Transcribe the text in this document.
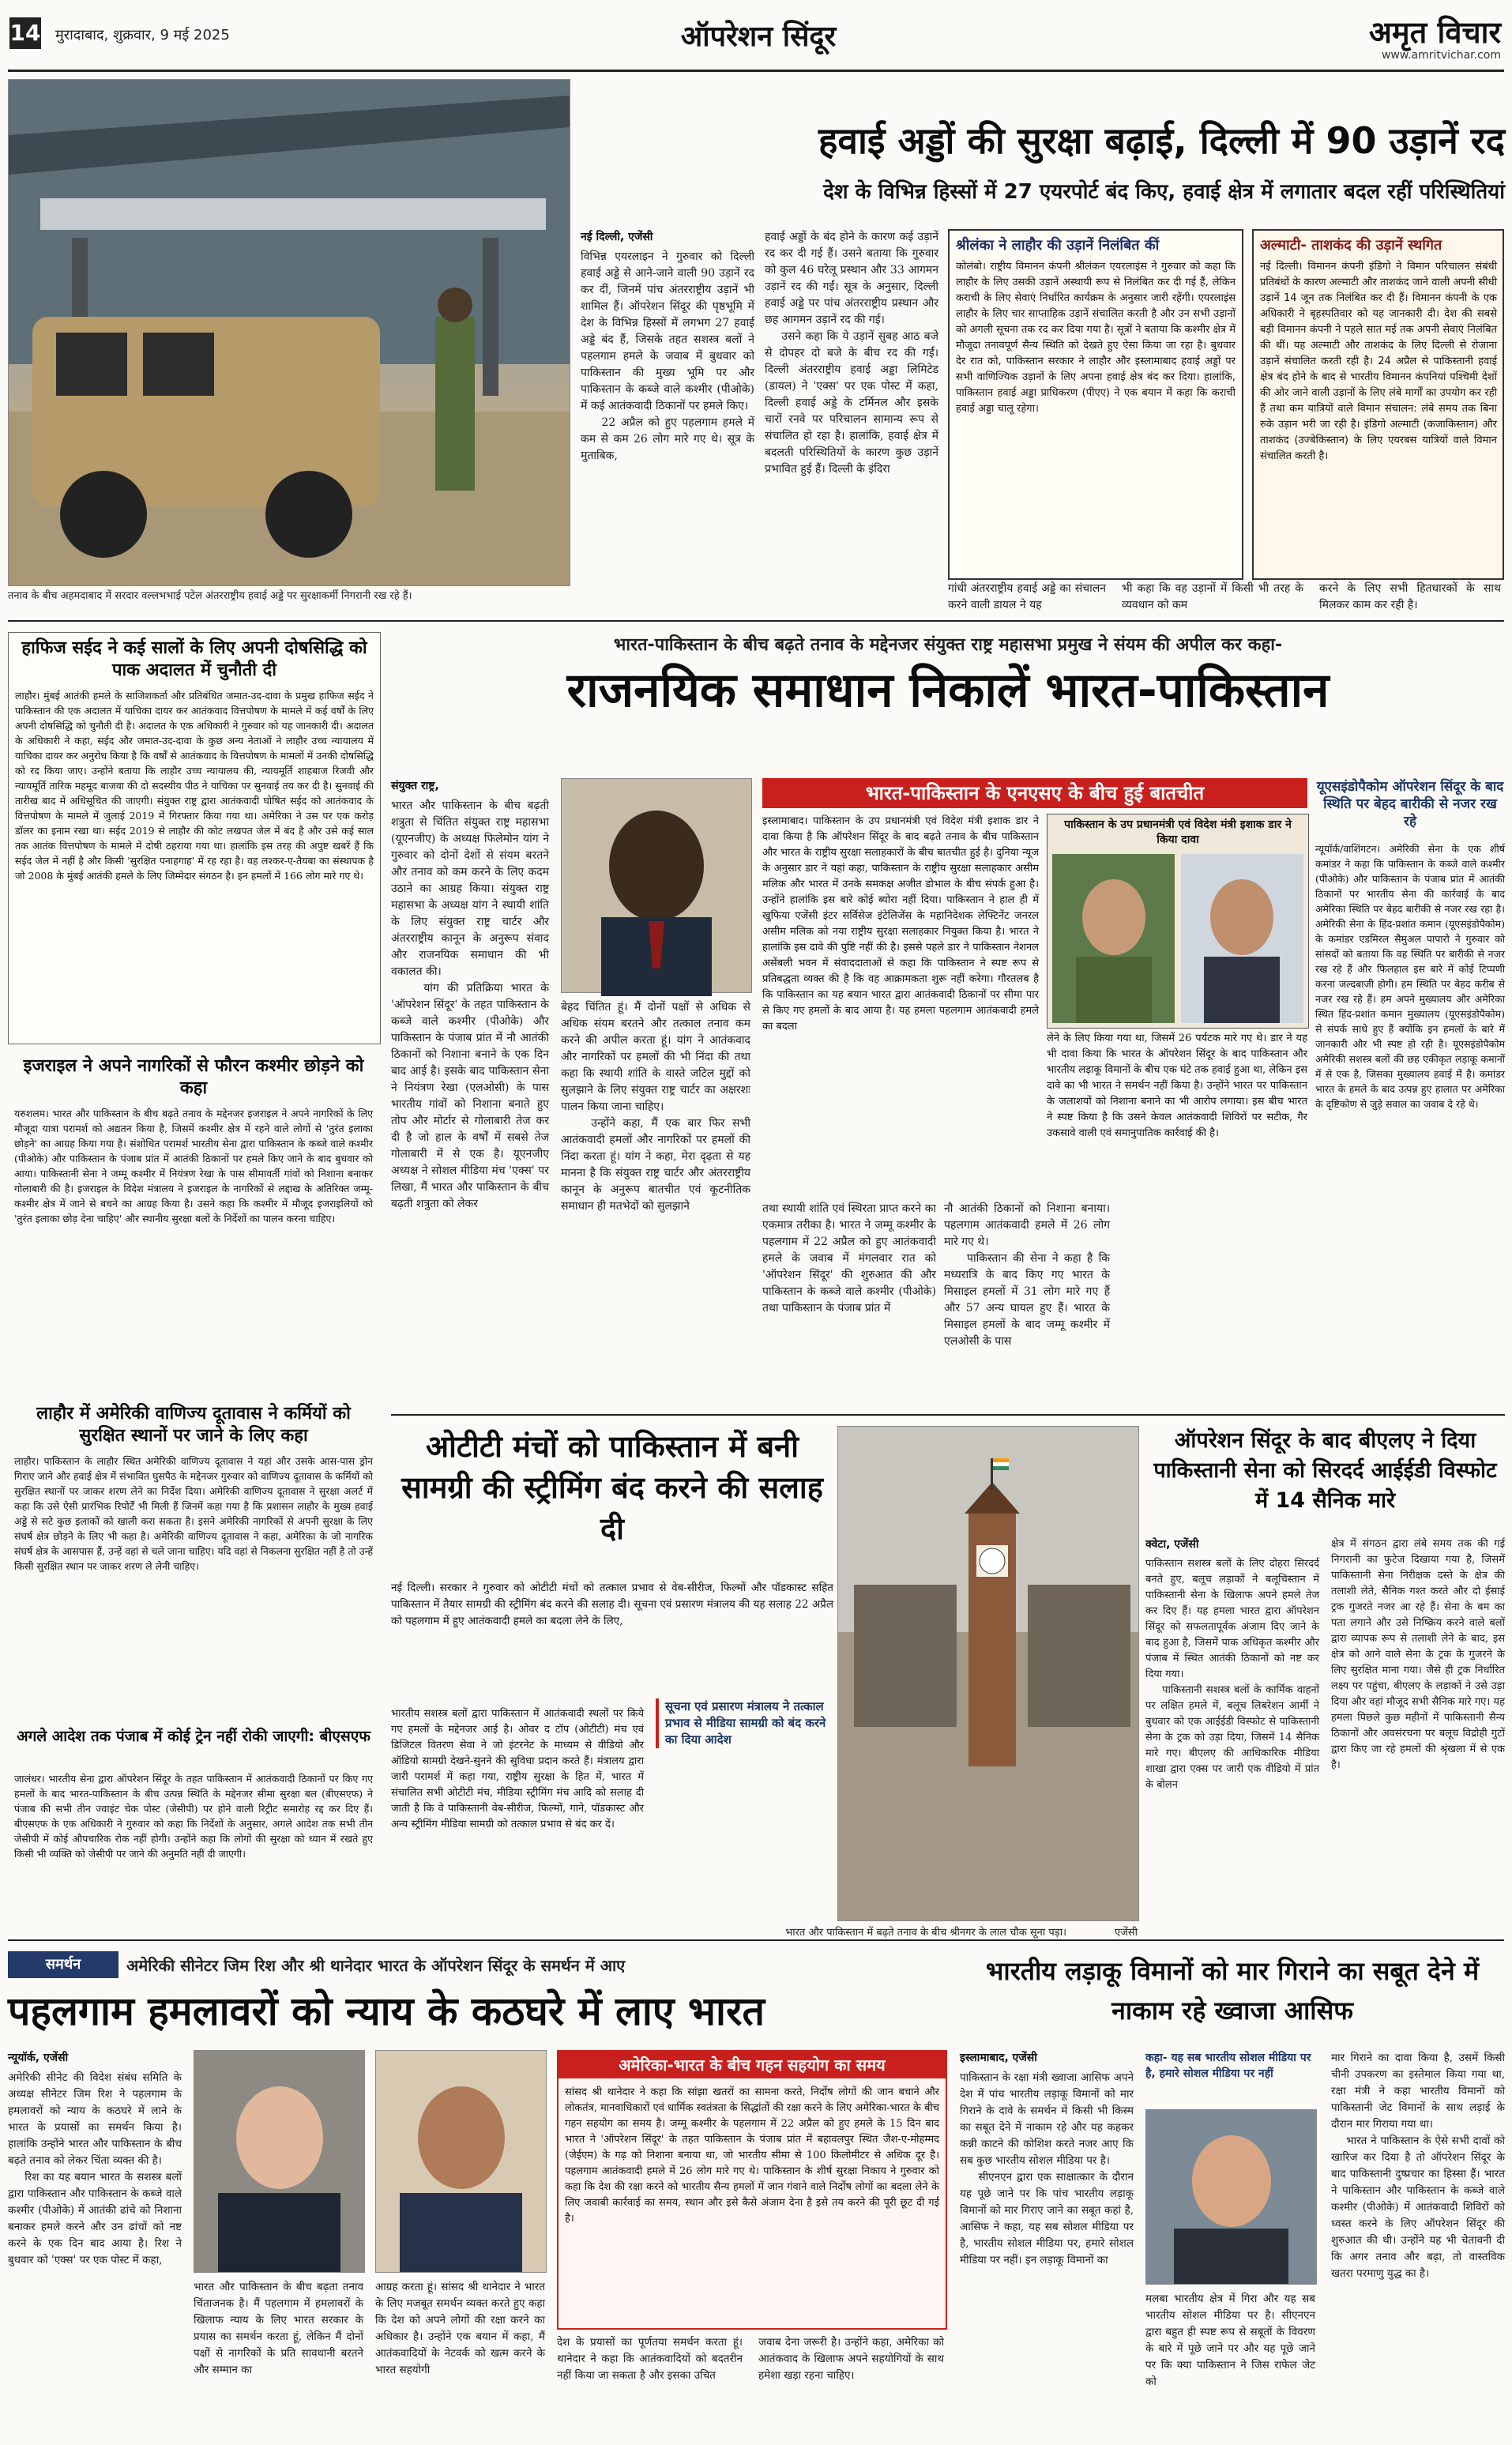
14 मुरादाबाद, शुक्रवार, 9 मई 2025	ऑपरेशन सिंदूर	अमृत विचार
www.amritvichar.com
तनाव के बीच अहमदाबाद में सरदार वल्लभभाई पटेल अंतरराष्ट्रीय हवाई अड्डे पर सुरक्षाकर्मी निगरानी रख रहे हैं।
हवाई अड्डों की सुरक्षा बढ़ाई, दिल्ली में 90 उड़ानें रद
देश के विभिन्न हिस्सों में 27 एयरपोर्ट बंद किए, हवाई क्षेत्र में लगातार बदल रहीं परिस्थितियां
नई दिल्ली, एजेंसी
विभिन्न एयरलाइन ने गुरुवार को दिल्ली हवाई अड्डे से आने-जाने वाली 90 उड़ानें रद कर दीं, जिनमें पांच अंतरराष्ट्रीय उड़ानें भी शामिल हैं। ऑपरेशन सिंदूर की पृष्ठभूमि में देश के विभिन्न हिस्सों में लगभग 27 हवाई अड्डे बंद हैं, जिसके तहत सशस्त्र बलों ने पहलगाम हमले के जवाब में बुधवार को पाकिस्तान की मुख्य भूमि पर और पाकिस्तान के कब्जे वाले कश्मीर (पीओके) में कई आतंकवादी ठिकानों पर हमले किए।
22 अप्रैल को हुए पहलगाम हमले में कम से कम 26 लोग मारे गए थे। सूत्र के मुताबिक,
हवाई अड्डों के बंद होने के कारण कई उड़ानें रद कर दी गई हैं। उसने बताया कि गुरुवार को कुल 46 घरेलू प्रस्थान और 33 आगमन उड़ानें रद की गईं। सूत्र के अनुसार, दिल्ली हवाई अड्डे पर पांच अंतरराष्ट्रीय प्रस्थान और छह आगमन उड़ानें रद की गई।
उसने कहा कि ये उड़ानें सुबह आठ बजे से दोपहर दो बजे के बीच रद की गईं। दिल्ली अंतरराष्ट्रीय हवाई अड्डा लिमिटेड (डायल) ने 'एक्स' पर एक पोस्ट में कहा, दिल्ली हवाई अड्डे के टर्मिनल और इसके चारों रनवे पर परिचालन सामान्य रूप से संचालित हो रहा है। हालांकि, हवाई क्षेत्र में बदलती परिस्थितियों के कारण कुछ उड़ानें प्रभावित हुई हैं। दिल्ली के इंदिरा
श्रीलंका ने लाहौर की उड़ानें निलंबित कीं
कोलंबो। राष्ट्रीय विमानन कंपनी श्रीलंकन एयरलाइंस ने गुरुवार को कहा कि लाहौर के लिए उसकी उड़ानें अस्थायी रूप से निलंबित कर दी गई हैं, लेकिन कराची के लिए सेवाएं निर्धारित कार्यक्रम के अनुसार जारी रहेंगी। एयरलाइंस लाहौर के लिए चार साप्ताहिक उड़ानें संचालित करती है और उन सभी उड़ानों को अगली सूचना तक रद कर दिया गया है। सूत्रों ने बताया कि कश्मीर क्षेत्र में मौजूदा तनावपूर्ण सैन्य स्थिति को देखते हुए ऐसा किया जा रहा है। बुधवार देर रात को, पाकिस्तान सरकार ने लाहौर और इस्लामाबाद हवाई अड्डों पर सभी वाणिज्यिक उड़ानों के लिए अपना हवाई क्षेत्र बंद कर दिया। हालांकि, पाकिस्तान हवाई अड्डा प्राधिकरण (पीएए) ने एक बयान में कहा कि कराची हवाई अड्डा चालू रहेगा।
अल्माटी- ताशकंद की उड़ानें स्थगित
नई दिल्ली। विमानन कंपनी इंडिगो ने विमान परिचालन संबंधी प्रतिबंधों के कारण अल्माटी और ताशकंद जाने वाली अपनी सीधी उड़ानें 14 जून तक निलंबित कर दी हैं। विमानन कंपनी के एक अधिकारी ने बृहस्पतिवार को यह जानकारी दी। देश की सबसे बड़ी विमानन कंपनी ने पहले सात मई तक अपनी सेवाएं निलंबित की थीं। यह अल्माटी और ताशकंद के लिए दिल्ली से रोजाना उड़ानें संचालित करती रही है। 24 अप्रैल से पाकिस्तानी हवाई क्षेत्र बंद होने के बाद से भारतीय विमानन कंपनियां पश्चिमी देशों की ओर जाने वाली उड़ानों के लिए लंबे मार्गों का उपयोग कर रही हैं तथा कम यात्रियों वाले विमान संचालन: लंबे समय तक बिना रुके उड़ान भरी जा रही है। इंडिगो अल्माटी (कजाकिस्तान) और ताशकंद (उज्बेकिस्तान) के लिए एयरबस यात्रियों वाले विमान संचालित करती है।
गांधी अंतरराष्ट्रीय हवाई अड्डे का संचालन करने वाली डायल ने यह
भी कहा कि वह उड़ानों में किसी भी तरह के व्यवधान को कम
करने के लिए सभी हितधारकों के साथ मिलकर काम कर रही है।
हाफिज सईद ने कई सालों के लिए अपनी दोषसिद्धि को पाक अदालत में चुनौती दी
लाहौर। मुंबई आतंकी हमले के साजिशकर्ता और प्रतिबंधित जमात-उद-दावा के प्रमुख हाफिज सईद ने पाकिस्तान की एक अदालत में याचिका दायर कर आतंकवाद वित्तपोषण के मामले में कई वर्षों के लिए अपनी दोषसिद्धि को चुनौती दी है। अदालत के एक अधिकारी ने गुरुवार को यह जानकारी दी। अदालत के अधिकारी ने कहा, सईद और जमात-उद-दावा के कुछ अन्य नेताओं ने लाहौर उच्च न्यायालय में याचिका दायर कर अनुरोध किया है कि वर्षों से आतंकवाद के वित्तपोषण के मामलों में उनकी दोषसिद्धि को रद किया जाए। उन्होंने बताया कि लाहौर उच्च न्यायालय की, न्यायमूर्ति शाहबाज रिजवी और न्यायमूर्ति तारिक महमूद बाजवा की दो सदस्यीय पीठ ने याचिका पर सुनवाई तय कर दी है। सुनवाई की तारीख बाद में अधिसूचित की जाएगी। संयुक्त राष्ट्र द्वारा आतंकवादी घोषित सईद को आतंकवाद के वित्तपोषण के मामले में जुलाई 2019 में गिरफ्तार किया गया था। अमेरिका ने उस पर एक करोड़ डॉलर का इनाम रखा था। सईद 2019 से लाहौर की कोट लखपत जेल में बंद है और उसे कई साल तक आतंक वित्तपोषण के मामले में दोषी ठहराया गया था। हालांकि इस तरह की अपुष्ट खबरें हैं कि सईद जेल में नहीं है और किसी 'सुरक्षित पनाहगाह' में रह रहा है। वह लश्कर-ए-तैयबा का संस्थापक है जो 2008 के मुंबई आतंकी हमले के लिए जिम्मेदार संगठन है। इन हमलों में 166 लोग मारे गए थे।
इजराइल ने अपने नागरिकों से फौरन कश्मीर छोड़ने को कहा
यरुशलम। भारत और पाकिस्तान के बीच बढ़ते तनाव के मद्देनजर इजराइल ने अपने नागरिकों के लिए मौजूदा यात्रा परामर्श को अद्यतन किया है, जिसमें कश्मीर क्षेत्र में रहने वाले लोगों से 'तुरंत इलाका छोड़ने' का आग्रह किया गया है। संशोधित परामर्श भारतीय सेना द्वारा पाकिस्तान के कब्जे वाले कश्मीर (पीओके) और पाकिस्तान के पंजाब प्रांत में आतंकी ठिकानों पर हमले किए जाने के बाद बुधवार को आया। पाकिस्तानी सेना ने जम्मू कश्मीर में नियंत्रण रेखा के पास सीमावर्ती गांवों को निशाना बनाकर गोलाबारी की है। इजराइल के विदेश मंत्रालय ने इजराइल के नागरिकों से लद्दाख के अतिरिक्त जम्मू-कश्मीर क्षेत्र में जाने से बचने का आग्रह किया है। उसने कहा कि कश्मीर में मौजूद इजराइलियों को 'तुरंत इलाका छोड़ देना चाहिए' और स्थानीय सुरक्षा बलों के निर्देशों का पालन करना चाहिए।
लाहौर में अमेरिकी वाणिज्य दूतावास ने कर्मियों को सुरक्षित स्थानों पर जाने के लिए कहा
लाहौर। पाकिस्तान के लाहौर स्थित अमेरिकी वाणिज्य दूतावास ने यहां और उसके आस-पास ड्रोन गिराए जाने और हवाई क्षेत्र में संभावित घुसपैठ के मद्देनजर गुरुवार को वाणिज्य दूतावास के कर्मियों को सुरक्षित स्थानों पर जाकर शरण लेने का निर्देश दिया। अमेरिकी वाणिज्य दूतावास ने सुरक्षा अलर्ट में कहा कि उसे ऐसी प्रारंभिक रिपोर्टें भी मिली हैं जिनमें कहा गया है कि प्रशासन लाहौर के मुख्य हवाई अड्डे से सटे कुछ इलाकों को खाली करा सकता है। इसने अमेरिकी नागरिकों से अपनी सुरक्षा के लिए संघर्ष क्षेत्र छोड़ने के लिए भी कहा है। अमेरिकी वाणिज्य दूतावास ने कहा, अमेरिका के जो नागरिक संघर्ष क्षेत्र के आसपास हैं, उन्हें वहां से चले जाना चाहिए। यदि वहां से निकलना सुरक्षित नहीं है तो उन्हें किसी सुरक्षित स्थान पर जाकर शरण ले लेनी चाहिए।
अगले आदेश तक पंजाब में कोई ट्रेन नहीं रोकी जाएगी: बीएसएफ
जालंधर। भारतीय सेना द्वारा ऑपरेशन सिंदूर के तहत पाकिस्तान में आतंकवादी ठिकानों पर किए गए हमलों के बाद भारत-पाकिस्तान के बीच उत्पन्न स्थिति के मद्देनजर सीमा सुरक्षा बल (बीएसएफ) ने पंजाब की सभी तीन ज्वाइंट चेक पोस्ट (जेसीपी) पर होने वाली रिट्रीट समारोह रद्द कर दिए हैं। बीएसएफ के एक अधिकारी ने गुरुवार को कहा कि निर्देशों के अनुसार, अगले आदेश तक सभी तीन जेसीपी में कोई औपचारिक रोक नहीं होगी। उन्होंने कहा कि लोगों की सुरक्षा को ध्यान में रखते हुए किसी भी व्यक्ति को जेसीपी पर जाने की अनुमति नहीं दी जाएगी।
भारत-पाकिस्तान के बीच बढ़ते तनाव के मद्देनजर संयुक्त राष्ट्र महासभा प्रमुख ने संयम की अपील कर कहा-
राजनयिक समाधान निकालें भारत-पाकिस्तान
संयुक्त राष्ट्र,
भारत और पाकिस्तान के बीच बढ़ती शत्रुता से चिंतित संयुक्त राष्ट्र महासभा (यूएनजीए) के अध्यक्ष फिलेमोन यांग ने गुरुवार को दोनों देशों से संयम बरतने और तनाव को कम करने के लिए कदम उठाने का आग्रह किया। संयुक्त राष्ट्र महासभा के अध्यक्ष यांग ने स्थायी शांति के लिए संयुक्त राष्ट्र चार्टर और अंतरराष्ट्रीय कानून के अनुरूप संवाद और राजनयिक समाधान की भी वकालत की।
यांग की प्रतिक्रिया भारत के 'ऑपरेशन सिंदूर' के तहत पाकिस्तान के कब्जे वाले कश्मीर (पीओके) और पाकिस्तान के पंजाब प्रांत में नौ आतंकी ठिकानों को निशाना बनाने के एक दिन बाद आई है। इसके बाद पाकिस्तान सेना ने नियंत्रण रेखा (एलओसी) के पास भारतीय गांवों को निशाना बनाते हुए तोप और मोर्टार से गोलाबारी तेज कर दी है जो हाल के वर्षों में सबसे तेज गोलाबारी में से एक है। यूएनजीए अध्यक्ष ने सोशल मीडिया मंच 'एक्स' पर लिखा, मैं भारत और पाकिस्तान के बीच बढ़ती शत्रुता को लेकर
बेहद चिंतित हूं। मैं दोनों पक्षों से अधिक से अधिक संयम बरतने और तत्काल तनाव कम करने की अपील करता हूं। यांग ने आतंकवाद और नागरिकों पर हमलों की भी निंदा की तथा कहा कि स्थायी शांति के वास्ते जटिल मुद्दों को सुलझाने के लिए संयुक्त राष्ट्र चार्टर का अक्षरशः पालन किया जाना चाहिए।
उन्होंने कहा, मैं एक बार फिर सभी आतंकवादी हमलों और नागरिकों पर हमलों की निंदा करता हूं। यांग ने कहा, मेरा दृढ़ता से यह मानना है कि संयुक्त राष्ट्र चार्टर और अंतरराष्ट्रीय कानून के अनुरूप बातचीत एवं कूटनीतिक समाधान ही मतभेदों को सुलझाने	तथा स्थायी शांति एवं स्थिरता प्राप्त करने का एकमात्र तरीका है। भारत ने जम्मू कश्मीर के पहलगाम में 22 अप्रैल को हुए आतंकवादी हमले के जवाब में मंगलवार रात को 'ऑपरेशन सिंदूर' की शुरुआत की और पाकिस्तान के कब्जे वाले कश्मीर (पीओके) तथा पाकिस्तान के पंजाब प्रांत में
नौ आतंकी ठिकानों को निशाना बनाया। पहलगाम आतंकवादी हमले में 26 लोग मारे गए थे।
पाकिस्तान की सेना ने कहा है कि मध्यरात्रि के बाद किए गए भारत के मिसाइल हमलों में 31 लोग मारे गए हैं और 57 अन्य घायल हुए हैं। भारत के मिसाइल हमलों के बाद जम्मू कश्मीर में एलओसी के पास
भारत-पाकिस्तान के एनएसए के बीच हुई बातचीत
इस्लामाबाद। पाकिस्तान के उप प्रधानमंत्री एवं विदेश मंत्री इशाक डार ने दावा किया है कि ऑपरेशन सिंदूर के बाद बढ़ते तनाव के बीच पाकिस्तान और भारत के राष्ट्रीय सुरक्षा सलाहकारों के बीच बातचीत हुई है। दुनिया न्यूज के अनुसार डार ने यहां कहा, पाकिस्तान के राष्ट्रीय सुरक्षा सलाहकार असीम मलिक और भारत में उनके समकक्ष अजीत डोभाल के बीच संपर्क हुआ है। उन्होंने हालांकि इस बारे कोई ब्योरा नहीं दिया। पाकिस्तान ने हाल ही में खुफिया एजेंसी इंटर सर्विसेज इंटेलिजेंस के महानिदेशक लेफ्टिनेंट जनरल असीम मलिक को नया राष्ट्रीय सुरक्षा सलाहकार नियुक्त किया है। भारत ने हालांकि इस दावे की पुष्टि नहीं की है। इससे पहले डार ने पाकिस्तान नेशनल असेंबली भवन में संवाददाताओं से कहा कि पाकिस्तान ने स्पष्ट रूप से प्रतिबद्धता व्यक्त की है कि वह आक्रामकता शुरू नहीं करेगा। गौरतलब है कि पाकिस्तान का यह बयान भारत द्वारा आतंकवादी ठिकानों पर सीमा पार से किए गए हमलों के बाद आया है। यह हमला पहलगाम आतंकवादी हमले का बदला
पाकिस्तान के उप प्रधानमंत्री एवं विदेश मंत्री इशाक डार ने किया दावा
लेने के लिए किया गया था, जिसमें 26 पर्यटक मारे गए थे। डार ने यह भी दावा किया कि भारत के ऑपरेशन सिंदूर के बाद पाकिस्तान और भारतीय लड़ाकू विमानों के बीच एक घंटे तक हवाई हुआ था, लेकिन इस दावे का भी भारत ने समर्थन नहीं किया है। उन्होंने भारत पर पाकिस्तान के जलाशयों को निशाना बनाने का भी आरोप लगाया। इस बीच भारत ने स्पष्ट किया है कि उसने केवल आतंकवादी शिविरों पर सटीक, गैर उकसावे वाली एवं समानुपातिक कार्रवाई की है।
यूएसइंडोपैकोम ऑपरेशन सिंदूर के बाद स्थिति पर बेहद बारीकी से नजर रख रहे
न्यूयॉर्क/वाशिंगटन। अमेरिकी सेना के एक शीर्ष कमांडर ने कहा कि पाकिस्तान के कब्जे वाले कश्मीर (पीओके) और पाकिस्तान के पंजाब प्रांत में आतंकी ठिकानों पर भारतीय सेना की कार्रवाई के बाद अमेरिका स्थिति पर बेहद बारीकी से नजर रख रहा है। अमेरिकी सेना के हिंद-प्रशांत कमान (यूएसइंडोपैकोम) के कमांडर एडमिरल सैमुअल पापारो ने गुरुवार को सांसदों को बताया कि वह स्थिति पर बारीकी से नजर रख रहे हैं और फिलहाल इस बारे में कोई टिप्पणी करना जल्दबाजी होगी। हम स्थिति पर बेहद करीब से नजर रख रहे हैं। हम अपने मुख्यालय और अमेरिका स्थित हिंद-प्रशांत कमान मुख्यालय (यूएसइंडोपैकोम) से संपर्क साधे हुए हैं क्योंकि इन हमलों के बारे में जानकारी और भी स्पष्ट हो रही है। यूएसइंडोपैकोम अमेरिकी सशस्त्र बलों की छह एकीकृत लड़ाकू कमानों में से एक है, जिसका मुख्यालय हवाई में है। कमांडर भारत के हमले के बाद उत्पन्न हुए हालात पर अमेरिका के दृष्टिकोण से जुड़े सवाल का जवाब दे रहे थे।
ओटीटी मंचों को पाकिस्तान में बनी सामग्री की स्ट्रीमिंग बंद करने की सलाह दी
नई दिल्ली। सरकार ने गुरुवार को ओटीटी मंचों को तत्काल प्रभाव से वेब-सीरीज, फिल्मों और पॉडकास्ट सहित पाकिस्तान में तैयार सामग्री की स्ट्रीमिंग बंद करने की सलाह दी। सूचना एवं प्रसारण मंत्रालय की यह सलाह 22 अप्रैल को पहलगाम में हुए आतंकवादी हमले का बदला लेने के लिए,
सूचना एवं प्रसारण मंत्रालय ने तत्काल प्रभाव से मीडिया सामग्री को बंद करने का दिया आदेश
भारतीय सशस्त्र बलों द्वारा पाकिस्तान में आतंकवादी स्थलों पर किये गए हमलों के मद्देनजर आई है। ओवर द टॉप (ओटीटी) मंच एवं डिजिटल वितरण सेवा ने जो इंटरनेट के माध्यम से वीडियो और ऑडियो सामग्री देखने-सुनने की सुविधा प्रदान करते हैं। मंत्रालय द्वारा जारी परामर्श में कहा गया, राष्ट्रीय सुरक्षा के हित में, भारत में संचालित सभी ओटीटी मंच, मीडिया स्ट्रीमिंग मंच आदि को सलाह दी जाती है कि वे पाकिस्तानी वेब-सीरीज, फिल्मों, गाने, पॉडकास्ट और अन्य स्ट्रीमिंग मीडिया सामग्री को तत्काल प्रभाव से बंद कर दें।
भारत और पाकिस्तान में बढ़ते तनाव के बीच श्रीनगर के लाल चौक सूना पड़ा।	एजेंसी
ऑपरेशन सिंदूर के बाद बीएलए ने दिया पाकिस्तानी सेना को सिरदर्द आईईडी विस्फोट में 14 सैनिक मारे
क्वेटा, एजेंसी
पाकिस्तान सशस्त्र बलों के लिए दोहरा सिरदर्द बनते हुए, बलूच लड़ाकों ने बलूचिस्तान में पाकिस्तानी सेना के खिलाफ अपने हमले तेज कर दिए हैं। यह हमला भारत द्वारा ऑपरेशन सिंदूर को सफलतापूर्वक अंजाम दिए जाने के बाद हुआ है, जिसमें पाक अधिकृत कश्मीर और पंजाब में स्थित आतंकी ठिकानों को नष्ट कर दिया गया।
पाकिस्तानी सशस्त्र बलों के कार्मिक वाहनों पर लक्षित हमले में, बलूच लिबरेशन आर्मी ने बुधवार को एक आईईडी विस्फोट से पाकिस्तानी सेना के ट्रक को उड़ा दिया, जिसमें 14 सैनिक मारे गए। बीएलए की आधिकारिक मीडिया शाखा द्वारा एक्स पर जारी एक वीडियो में प्रांत के बोलन
क्षेत्र में संगठन द्वारा लंबे समय तक की गई निगरानी का फुटेज दिखाया गया है, जिसमें पाकिस्तानी सेना निरीक्षक दस्ते के क्षेत्र की तलाशी लेते, सैनिक गश्त करते और दो ईसाई ट्रक गुजरते नजर आ रहे हैं। सेना के बम का पता लगाने और उसे निष्क्रिय करने वाले बलों द्वारा व्यापक रूप से तलाशी लेने के बाद, इस क्षेत्र को आने वाले सेना के ट्रक के गुजरने के लिए सुरक्षित माना गया। जैसे ही ट्रक निर्धारित लक्ष्य पर पहुंचा, बीएलए के लड़ाकों ने उसे उड़ा दिया और वहां मौजूद सभी सैनिक मारे गए। यह हमला पिछले कुछ महीनों में पाकिस्तानी सैन्य ठिकानों और अवसंरचना पर बलूच विद्रोही गुटों द्वारा किए जा रहे हमलों की श्रृंखला में से एक है।
समर्थन	अमेरिकी सीनेटर जिम रिश और श्री थानेदार भारत के ऑपरेशन सिंदूर के समर्थन में आए
पहलगाम हमलावरों को न्याय के कठघरे में लाए भारत
न्यूयॉर्क, एजेंसी
अमेरिकी सीनेट की विदेश संबंध समिति के अध्यक्ष सीनेटर जिम रिश ने पहलगाम के हमलावरों को न्याय के कठघरे में लाने के भारत के प्रयासों का समर्थन किया है। हालांकि उन्होंने भारत और पाकिस्तान के बीच बढ़ते तनाव को लेकर चिंता व्यक्त की है।
रिश का यह बयान भारत के सशस्त्र बलों द्वारा पाकिस्तान और पाकिस्तान के कब्जे वाले कश्मीर (पीओके) में आतंकी ढांचे को निशाना बनाकर हमले करने और उन ढांचों को नष्ट करने के एक दिन बाद आया है। रिश ने बुधवार को 'एक्स' पर एक पोस्ट में कहा,
भारत और पाकिस्तान के बीच बढ़ता तनाव चिंताजनक है। मैं पहलगाम में हमलावरों के खिलाफ न्याय के लिए भारत सरकार के प्रयास का समर्थन करता हूं, लेकिन मैं दोनों पक्षों से नागरिकों के प्रति सावधानी बरतने और सम्मान का
आग्रह करता हूं। सांसद श्री थानेदार ने भारत के लिए मजबूत समर्थन व्यक्त करते हुए कहा कि देश को अपने लोगों की रक्षा करने का अधिकार है। उन्होंने एक बयान में कहा, मैं आतंकवादियों के नेटवर्क को खत्म करने के भारत सहयोगी
अमेरिका-भारत के बीच गहन सहयोग का समय
सांसद श्री थानेदार ने कहा कि सांझा खतरों का सामना करते, निर्दोष लोगों की जान बचाने और लोकतंत्र, मानवाधिकारों एवं धार्मिक स्वतंत्रता के सिद्धांतों की रक्षा करने के लिए अमेरिका-भारत के बीच गहन सहयोग का समय है। जम्मू कश्मीर के पहलगाम में 22 अप्रैल को हुए हमले के 15 दिन बाद भारत ने 'ऑपरेशन सिंदूर' के तहत पाकिस्तान के पंजाब प्रांत में बहावलपुर स्थित जैश-ए-मोहम्मद (जेईएम) के गढ़ को निशाना बनाया था, जो भारतीय सीमा से 100 किलोमीटर से अधिक दूर है। पहलगाम आतंकवादी हमले में 26 लोग मारे गए थे। पाकिस्तान के शीर्ष सुरक्षा निकाय ने गुरुवार को कहा कि देश की रक्षा करने को भारतीय सैन्य हमलों में जान गंवाने वाले निर्दोष लोगों का बदला लेने के लिए जवाबी कार्रवाई का समय, स्थान और इसे कैसे अंजाम देना है इसे तय करने की पूरी छूट दी गई है।
देश के प्रयासों का पूर्णतया समर्थन करता हूं। थानेदार ने कहा कि आतंकवादियों को बदतरीन नहीं किया जा सकता है और इसका उचित
जवाब देना जरूरी है। उन्होंने कहा, अमेरिका को आतंकवाद के खिलाफ अपने सहयोगियों के साथ हमेशा खड़ा रहना चाहिए।
भारतीय लड़ाकू विमानों को मार गिराने का सबूत देने में नाकाम रहे ख्वाजा आसिफ
इस्लामाबाद, एजेंसी
पाकिस्तान के रक्षा मंत्री ख्वाजा आसिफ अपने देश में पांच भारतीय लड़ाकू विमानों को मार गिराने के दावे के समर्थन में किसी भी किस्म का सबूत देने में नाकाम रहे और यह कहकर कन्नी काटने की कोशिश करते नजर आए कि सब कुछ भारतीय सोशल मीडिया पर है।
सीएनएन द्वारा एक साक्षात्कार के दौरान यह पूछे जाने पर कि पांच भारतीय लड़ाकू विमानों को मार गिराए जाने का सबूत कहां है, आसिफ ने कहा, यह सब सोशल मीडिया पर है, भारतीय सोशल मीडिया पर, हमारे सोशल मीडिया पर नहीं। इन लड़ाकू विमानों का
कहा- यह सब भारतीय सोशल मीडिया पर है, हमारे सोशल मीडिया पर नहीं
मलबा भारतीय क्षेत्र में गिरा और यह सब भारतीय सोशल मीडिया पर है। सीएनएन द्वारा बहुत ही स्पष्ट रूप से सबूतों के विवरण के बारे में पूछे जाने पर और यह पूछे जाने पर कि क्या पाकिस्तान ने जिस राफेल जेट को
मार गिराने का दावा किया है, उसमें किसी चीनी उपकरण का इस्तेमाल किया गया था, रक्षा मंत्री ने कहा भारतीय विमानों को पाकिस्तानी जेट विमानों के साथ लड़ाई के दौरान मार गिराया गया था।
भारत ने पाकिस्तान के ऐसे सभी दावों को खारिज कर दिया है तो ऑपरेशन सिंदूर के बाद पाकिस्तानी दुष्प्रचार का हिस्सा हैं। भारत ने पाकिस्तान और पाकिस्तान के कब्जे वाले कश्मीर (पीओके) में आतंकवादी शिविरों को ध्वस्त करने के लिए ऑपरेशन सिंदूर की शुरुआत की थी। उन्होंने यह भी चेतावनी दी कि अगर तनाव और बढ़ा, तो वास्तविक खतरा परमाणु युद्ध का है।
